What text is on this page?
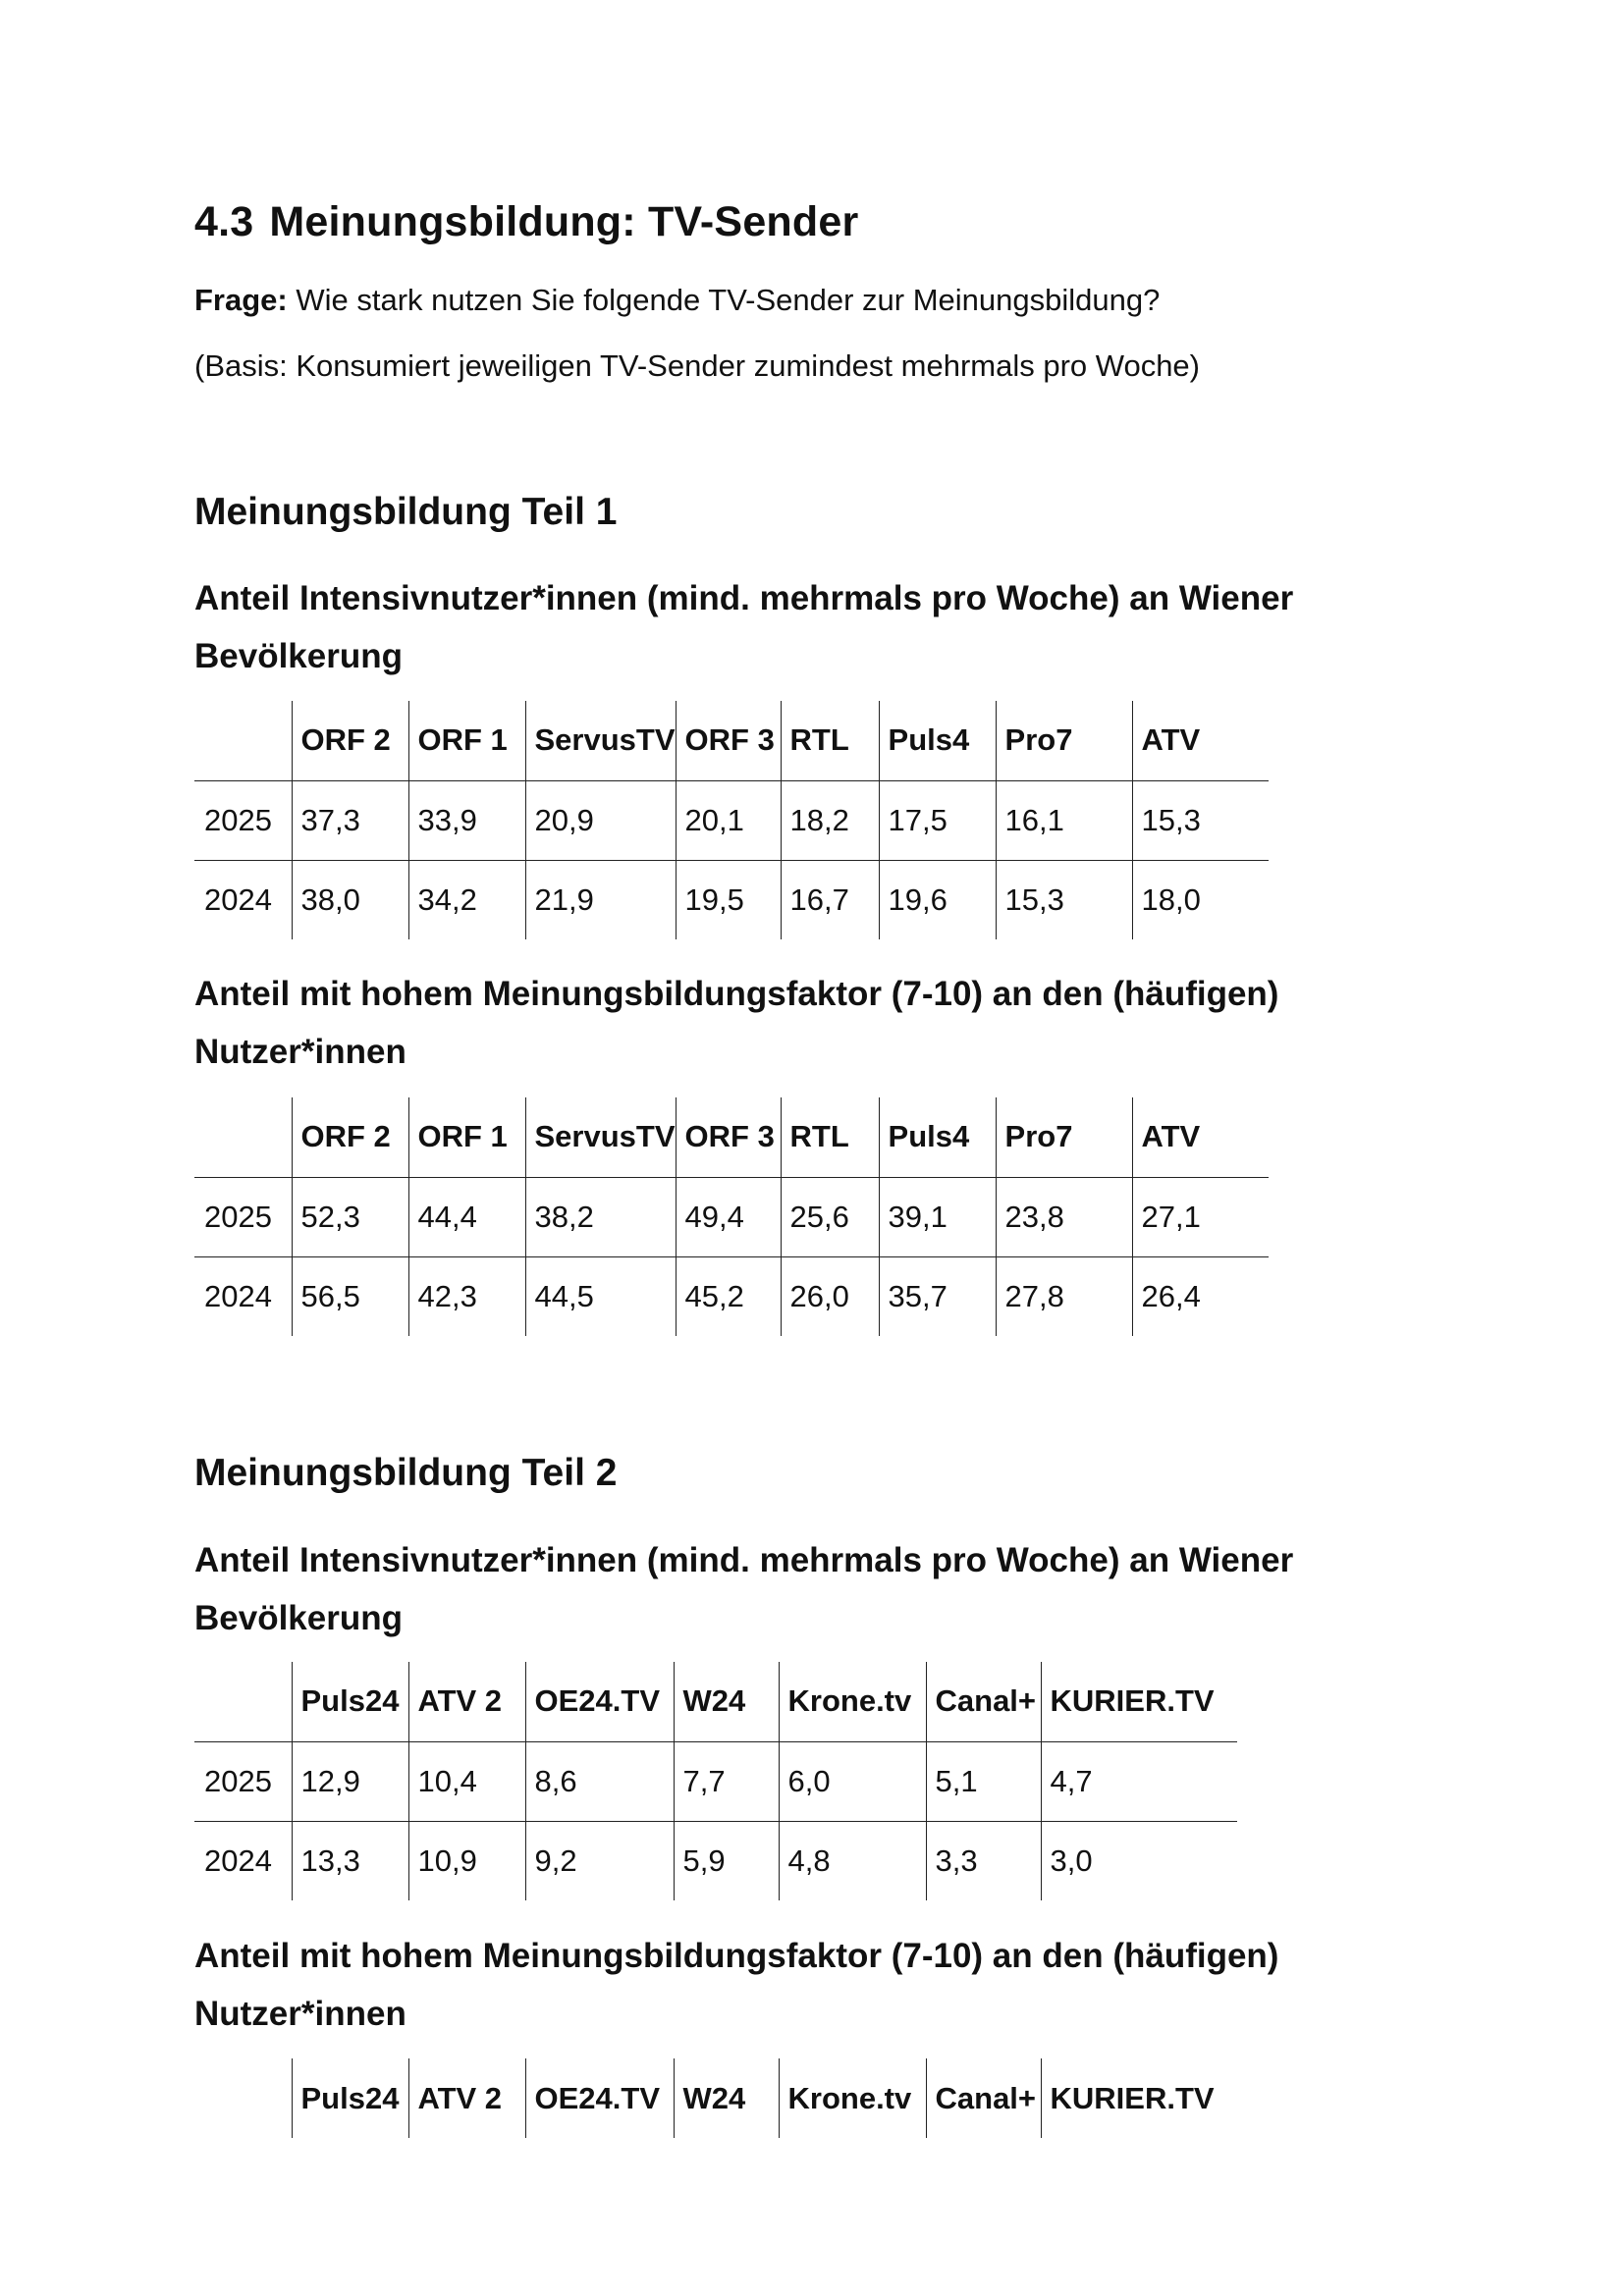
4.3 Meinungsbildung: TV-Sender

Frage: Wie stark nutzen Sie folgende TV-Sender zur Meinungsbildung?

(Basis: Konsumiert jeweiligen TV-Sender zumindest mehrmals pro Woche)

Meinungsbildung Teil 1
Anteil Intensivnutzer*innen (mind. mehrmals pro Woche) an Wiener
Bevölkerung
	ORF 2	ORF 1	ServusTV	ORF 3	RTL	Puls4	Pro7	ATV
2025	37,3	33,9	20,9	20,1	18,2	17,5	16,1	15,3
2024	38,0	34,2	21,9	19,5	16,7	19,6	15,3	18,0
Anteil mit hohem Meinungsbildungsfaktor (7-10) an den (häufigen)
Nutzer*innen
	ORF 2	ORF 1	ServusTV	ORF 3	RTL	Puls4	Pro7	ATV
2025	52,3	44,4	38,2	49,4	25,6	39,1	23,8	27,1
2024	56,5	42,3	44,5	45,2	26,0	35,7	27,8	26,4
Meinungsbildung Teil 2
Anteil Intensivnutzer*innen (mind. mehrmals pro Woche) an Wiener
Bevölkerung
	Puls24	ATV 2	OE24.TV	W24	Krone.tv	Canal+	KURIER.TV
2025	12,9	10,4	8,6	7,7	6,0	5,1	4,7
2024	13,3	10,9	9,2	5,9	4,8	3,3	3,0
Anteil mit hohem Meinungsbildungsfaktor (7-10) an den (häufigen)
Nutzer*innen
	Puls24	ATV 2	OE24.TV	W24	Krone.tv	Canal+	KURIER.TV
